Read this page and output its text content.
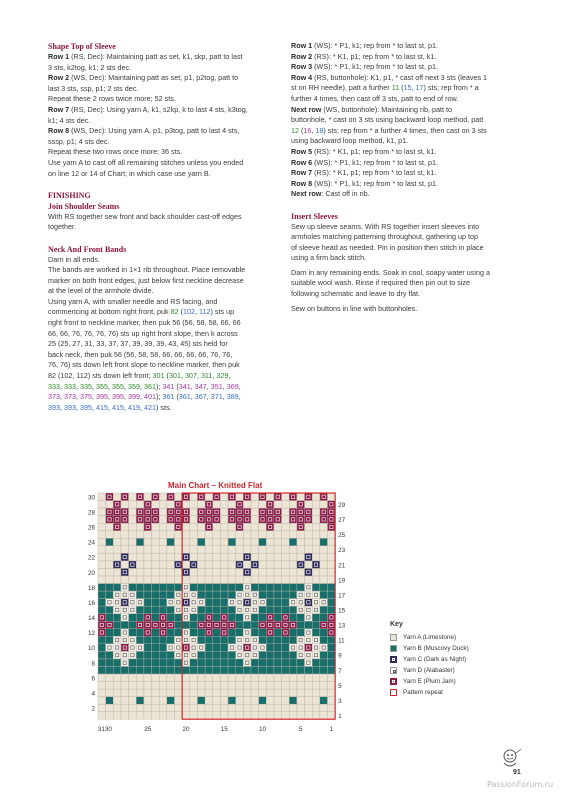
Shape Top of Sleeve
Row 1 (RS, Dec): Maintaining patt as set, k1, skp, patt to last
3 sts, k2tog, k1; 2 sts dec.
Row 2 (WS, Dec): Maintaining patt as set, p1, p2tog, patt to
last 3 sts, ssp, p1; 2 sts dec.
Repeat these 2 rows twice more; 52 sts.
Row 7 (RS, Dec): Using yarn A, k1, s2kp, k to last 4 sts, k3tog,
k1; 4 sts dec.
Row 8 (WS, Dec): Using yarn A, p1, p3tog, patt to last 4 sts,
sssp, p1; 4 sts dec.
Repeat these two rows once more; 36 sts.
Use yarn A to cast off all remaining stitches unless you ended
on line 12 or 14 of Chart; in which case use yarn B.
FINISHING
Join Shoulder Seams
With RS together sew front and back shoulder cast-off edges
together.
Neck And Front Bands
Darn in all ends.
The bands are worked in 1×1 rib throughout. Place removable
marker on both front edges, just below first neckline decrease
at the level of the armhole divide.
Using yarn A, with smaller needle and RS facing, and
commencing at bottom right front, puk 82 (102, 112) sts up
right front to neckline marker, then puk 56 (56, 58, 58, 66, 66
66, 66, 76, 76, 76, 76) sts up right front slope, then k across
25 (25, 27, 31, 33, 37, 37, 39, 39, 39, 43, 45) sts held for
back neck, then puk 56 (56, 58, 58, 66, 66, 66, 66, 76, 76,
76, 76) sts down left front slope to neckline marker, then puk
82 (102, 112) sts down left front; 301 (301, 307, 311, 329,
333, 333, 335, 355, 355, 359, 361); 341 (341, 347, 351, 369,
373, 373, 375, 395, 395, 399, 401); 361 (361, 367, 371, 389,
393, 393, 395, 415, 415, 419, 421) sts.
Row 1 (WS): * P1, k1; rep from * to last st, p1.
Row 2 (RS): * K1, p1; rep from * to last st, k1.
Row 3 (WS): * P1, k1; rep from * to last st, p1.
Row 4 (RS, buttonhole): K1, p1, * cast off next 3 sts (leaves 1
st on RH needle), patt a further 11 (15, 17) sts; rep from * a
further 4 times, then cast off 3 sts, patt to end of row.
Next row (WS, buttonhole): Maintaining rib, patt to
buttonhole, * cast on 3 sts using backward loop method, patt
12 (16, 18) sts; rep from * a further 4 times, then cast on 3 sts
using backward loop method, k1, p1.
Row 5 (RS): * K1, p1; rep from * to last st, k1.
Row 6 (WS): * P1, k1; rep from * to last st, p1.
Row 7 (RS): * K1, p1; rep from * to last st, k1.
Row 8 (WS): * P1, k1; rep from * to last st, p1.
Next row: Cast off in rib.
Insert Sleeves
Sew up sleeve seams. With RS together insert sleeves into
armholes matching patterning throughout, gathering up top
of sleeve head as needed. Pin in position then stitch in place
using a firm back stitch.
Darn in any remaining ends. Soak in cool, soapy water using a
suitable wool wash. Rinse if required then pin out to size
following schematic and leave to dry flat.
Sew on buttons in line with buttonholes.
Main Chart – Knitted Flat
30
28
26
24
22
20
18
16
14
12
10
8
6
4
2
29
27
25
23
21
19
17
15
13
11
9
7
5
3
1
3130	25	20	15	10	5	1
Key
Yarn A (Limestone)
Yarn B (Muscovy Duck)
Yarn C (Dark as Night)
Yarn D (Alabaster)
Yarn E (Plum Jam)
Pattern repeat
91
PassionForum.ru
